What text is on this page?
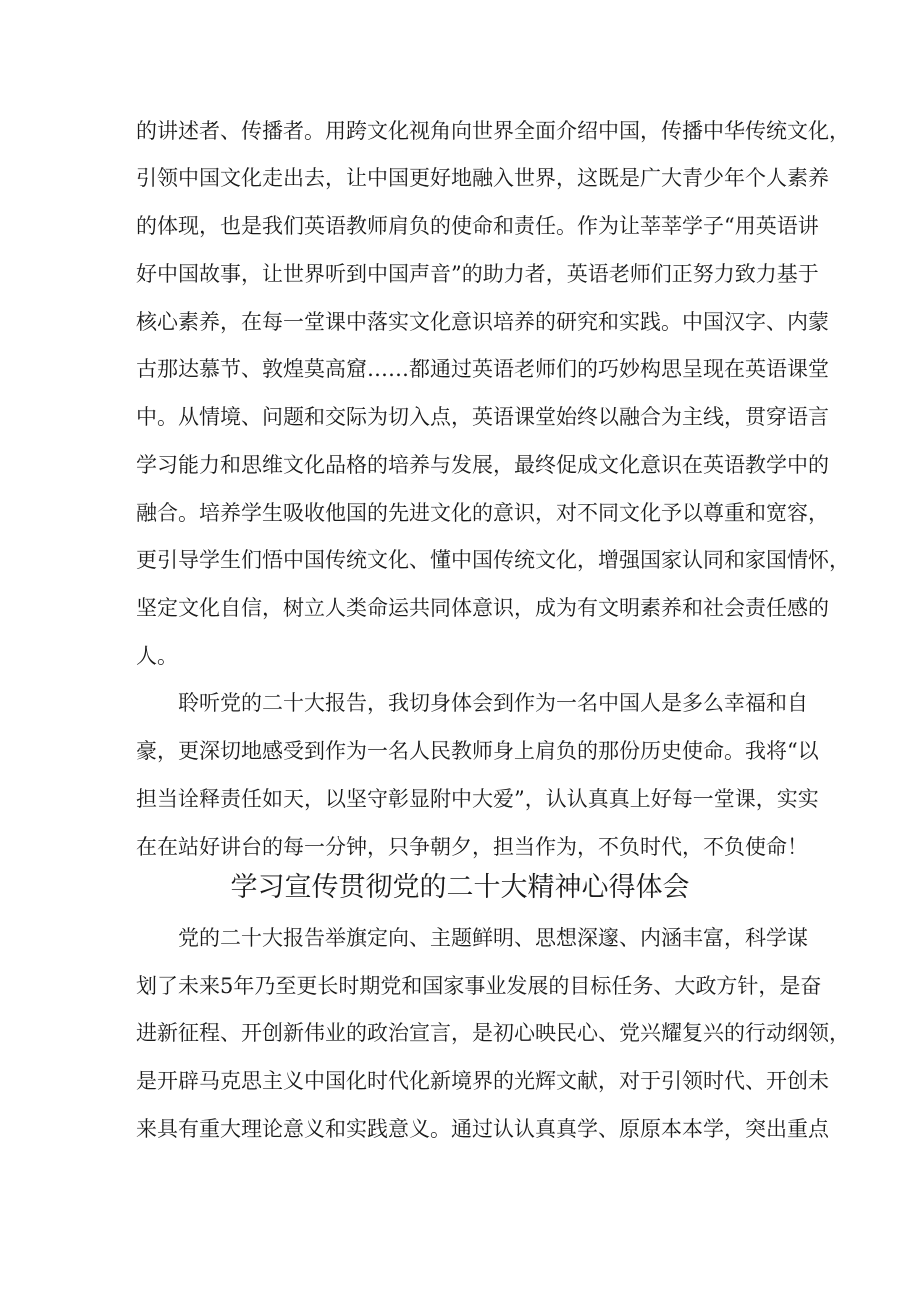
的讲述者、传播者。用跨文化视角向世界全面介绍中国，传播中华传统文化，
引领中国文化走出去，让中国更好地融入世界，这既是广大青少年个人素养
的体现，也是我们英语教师肩负的使命和责任。作为让莘莘学子“用英语讲
好中国故事，让世界听到中国声音”的助力者，英语老师们正努力致力基于
核心素养，在每一堂课中落实文化意识培养的研究和实践。中国汉字、内蒙
古那达慕节、敦煌莫高窟……都通过英语老师们的巧妙构思呈现在英语课堂
中。从情境、问题和交际为切入点，英语课堂始终以融合为主线，贯穿语言
学习能力和思维文化品格的培养与发展，最终促成文化意识在英语教学中的
融合。培养学生吸收他国的先进文化的意识，对不同文化予以尊重和宽容，
更引导学生们悟中国传统文化、懂中国传统文化，增强国家认同和家国情怀，
坚定文化自信，树立人类命运共同体意识，成为有文明素养和社会责任感的
人。
聆听党的二十大报告，我切身体会到作为一名中国人是多么幸福和自
豪，更深切地感受到作为一名人民教师身上肩负的那份历史使命。我将“以
担当诠释责任如天，以坚守彰显附中大爱”，认认真真上好每一堂课，实实
在在站好讲台的每一分钟，只争朝夕，担当作为，不负时代，不负使命！
学习宣传贯彻党的二十大精神心得体会
党的二十大报告举旗定向、主题鲜明、思想深邃、内涵丰富，科学谋
划了未来5年乃至更长时期党和国家事业发展的目标任务、大政方针，是奋
进新征程、开创新伟业的政治宣言，是初心映民心、党兴耀复兴的行动纲领，
是开辟马克思主义中国化时代化新境界的光辉文献，对于引领时代、开创未
来具有重大理论意义和实践意义。通过认认真真学、原原本本学，突出重点
